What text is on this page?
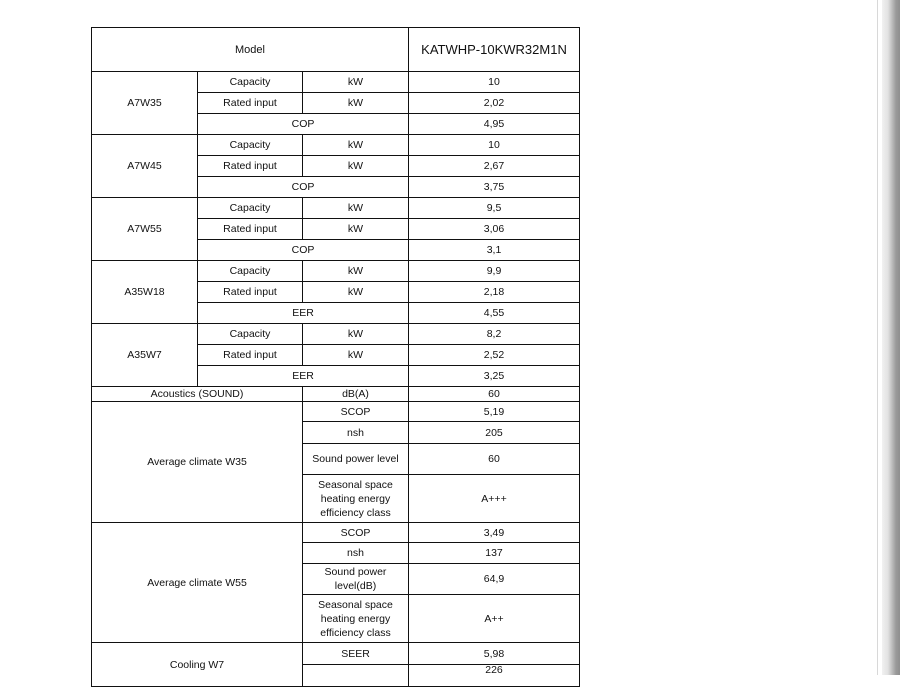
Model			KATWHP-10KWR32M1N
A7W35	Capacity	kW	10
	Rated input	kW	2,02
	COP		4,95
A7W45	Capacity	kW	10
	Rated input	kW	2,67
	COP		3,75
A7W55	Capacity	kW	9,5
	Rated input	kW	3,06
	COP		3,1
A35W18	Capacity	kW	9,9
	Rated input	kW	2,18
	EER		4,55
A35W7	Capacity	kW	8,2
	Rated input	kW	2,52
	EER		3,25
Acoustics (SOUND)		dB(A)	60
Average climate W35		SCOP	5,19
		nsh	205
		Sound power level	60
		Seasonal space heating energy efficiency class	A+++
Average climate W55		SCOP	3,49
		nsh	137
		Sound power level(dB)	64,9
		Seasonal space heating energy efficiency class	A++
Cooling W7		SEER	5,98
			226
